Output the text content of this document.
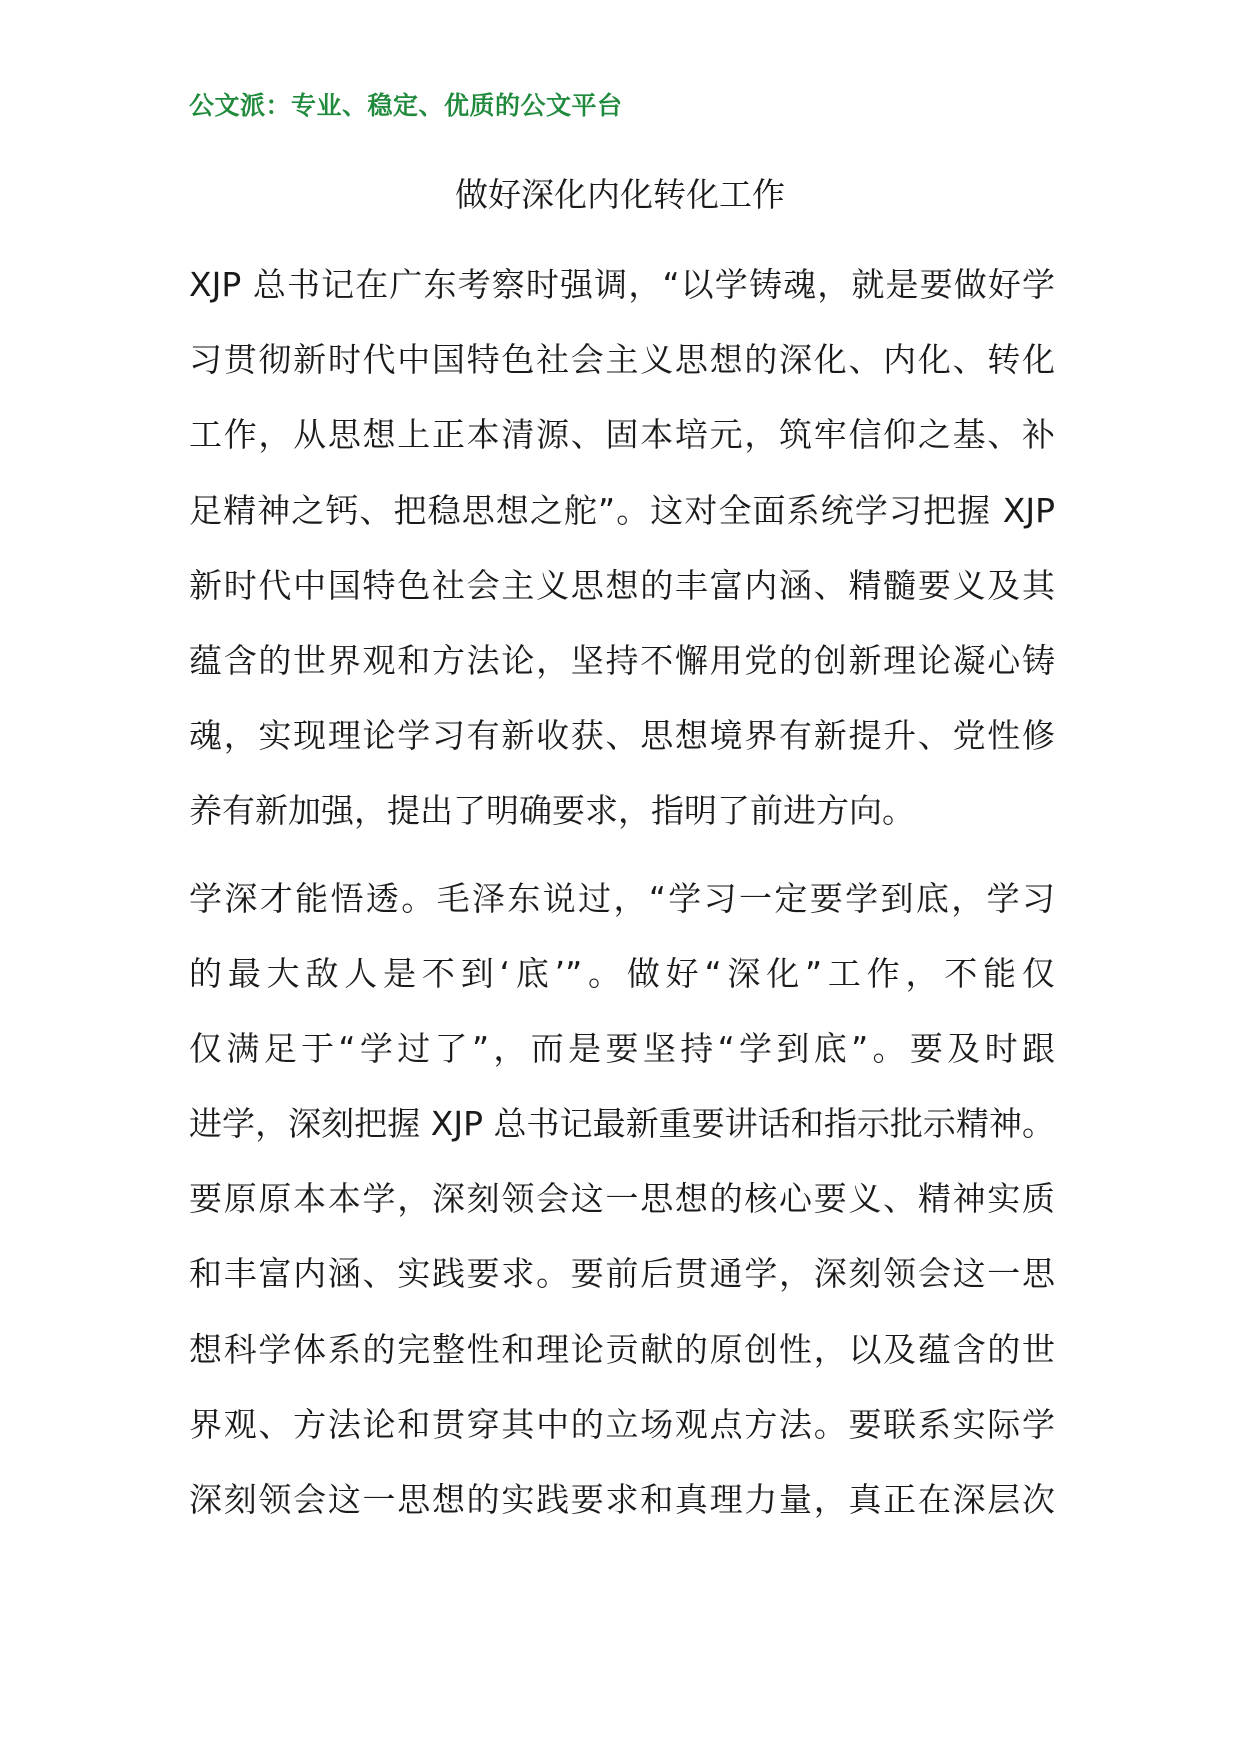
公文派：专业、稳定、优质的公文平台
做好深化内化转化工作
XJP 总书记在广东考察时强调，“以学铸魂，就是要做好学
习贯彻新时代中国特色社会主义思想的深化、内化、转化
工作，从思想上正本清源、固本培元，筑牢信仰之基、补
足精神之钙、把稳思想之舵”。这对全面系统学习把握 XJP
新时代中国特色社会主义思想的丰富内涵、精髓要义及其
蕴含的世界观和方法论，坚持不懈用党的创新理论凝心铸
魂，实现理论学习有新收获、思想境界有新提升、党性修
养有新加强，提出了明确要求，指明了前进方向。
学深才能悟透。毛泽东说过，“学习一定要学到底，学习
的最大敌人是不到‘底’”。做好“深化”工作，不能仅
仅满足于“学过了”，而是要坚持“学到底”。要及时跟
进学，深刻把握 XJP 总书记最新重要讲话和指示批示精神。
要原原本本学，深刻领会这一思想的核心要义、精神实质
和丰富内涵、实践要求。要前后贯通学，深刻领会这一思
想科学体系的完整性和理论贡献的原创性，以及蕴含的世
界观、方法论和贯穿其中的立场观点方法。要联系实际学
深刻领会这一思想的实践要求和真理力量，真正在深层次
